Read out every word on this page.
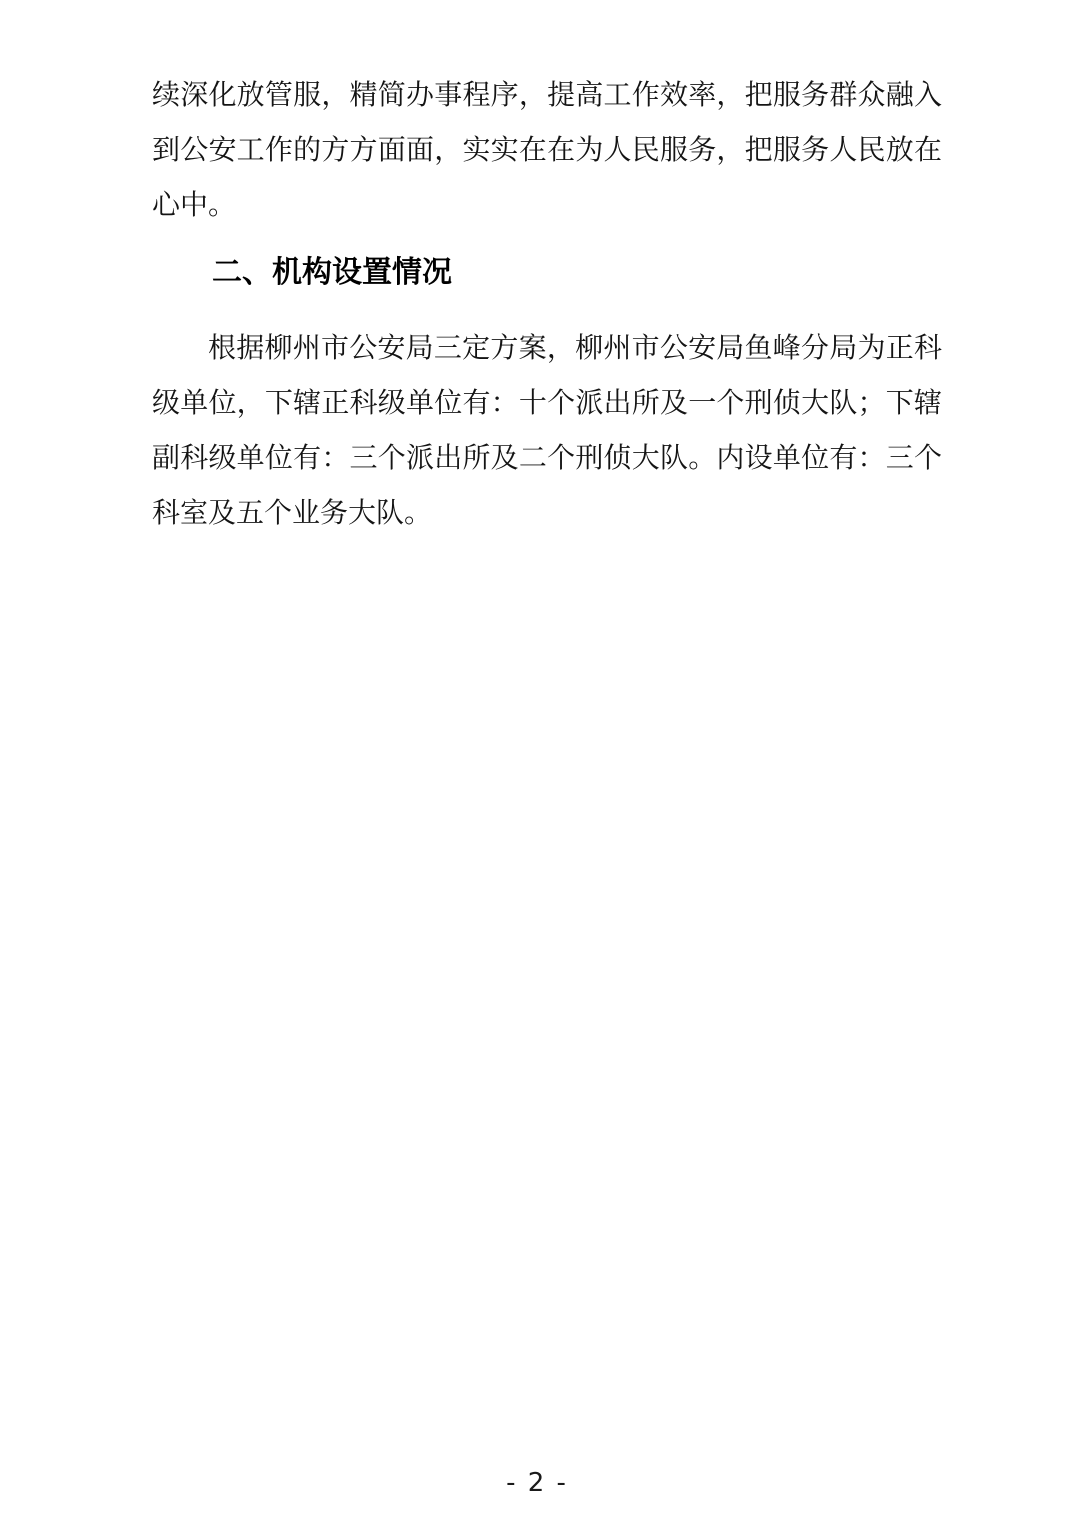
续深化放管服，精简办事程序，提高工作效率，把服务群众融入到公安工作的方方面面，实实在在为人民服务，把服务人民放在心中。

二、机构设置情况

根据柳州市公安局三定方案，柳州市公安局鱼峰分局为正科级单位，下辖正科级单位有：十个派出所及一个刑侦大队；下辖副科级单位有：三个派出所及二个刑侦大队。内设单位有：三个科室及五个业务大队。

- 2 -
